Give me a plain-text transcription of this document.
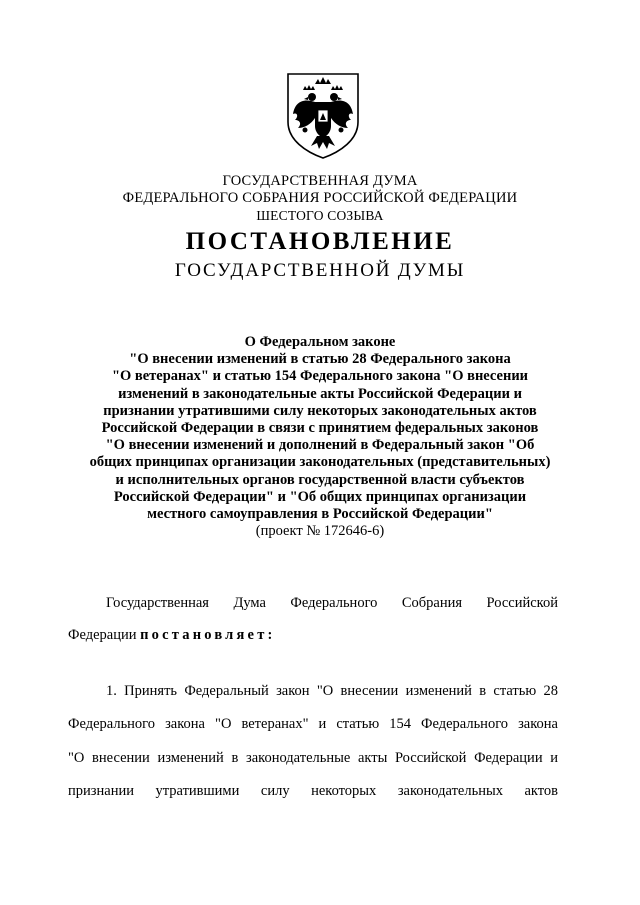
ГОСУДАРСТВЕННАЯ ДУМА
ФЕДЕРАЛЬНОГО СОБРАНИЯ РОССИЙСКОЙ ФЕДЕРАЦИИ
ШЕСТОГО СОЗЫВА
ПОСТАНОВЛЕНИЕ
ГОСУДАРСТВЕННОЙ ДУМЫ
О Федеральном законе
"О внесении изменений в статью 28 Федерального закона
"О ветеранах" и статью 154 Федерального закона "О внесении
изменений в законодательные акты Российской Федерации и
признании утратившими силу некоторых законодательных актов
Российской Федерации в связи с принятием федеральных законов
"О внесении изменений и дополнений в Федеральный закон "Об
общих принципах организации законодательных (представительных)
и исполнительных органов государственной власти субъектов
Российской Федерации" и "Об общих принципах организации
местного самоуправления в Российской Федерации"
(проект № 172646-6)
Государственная Дума Федерального Собрания Российской
Федерации постановляет:
1. Принять Федеральный закон "О внесении изменений в статью 28
Федерального закона "О ветеранах" и статью 154 Федерального закона
"О внесении изменений в законодательные акты Российской Федерации и
признании утратившими силу некоторых законодательных актов
